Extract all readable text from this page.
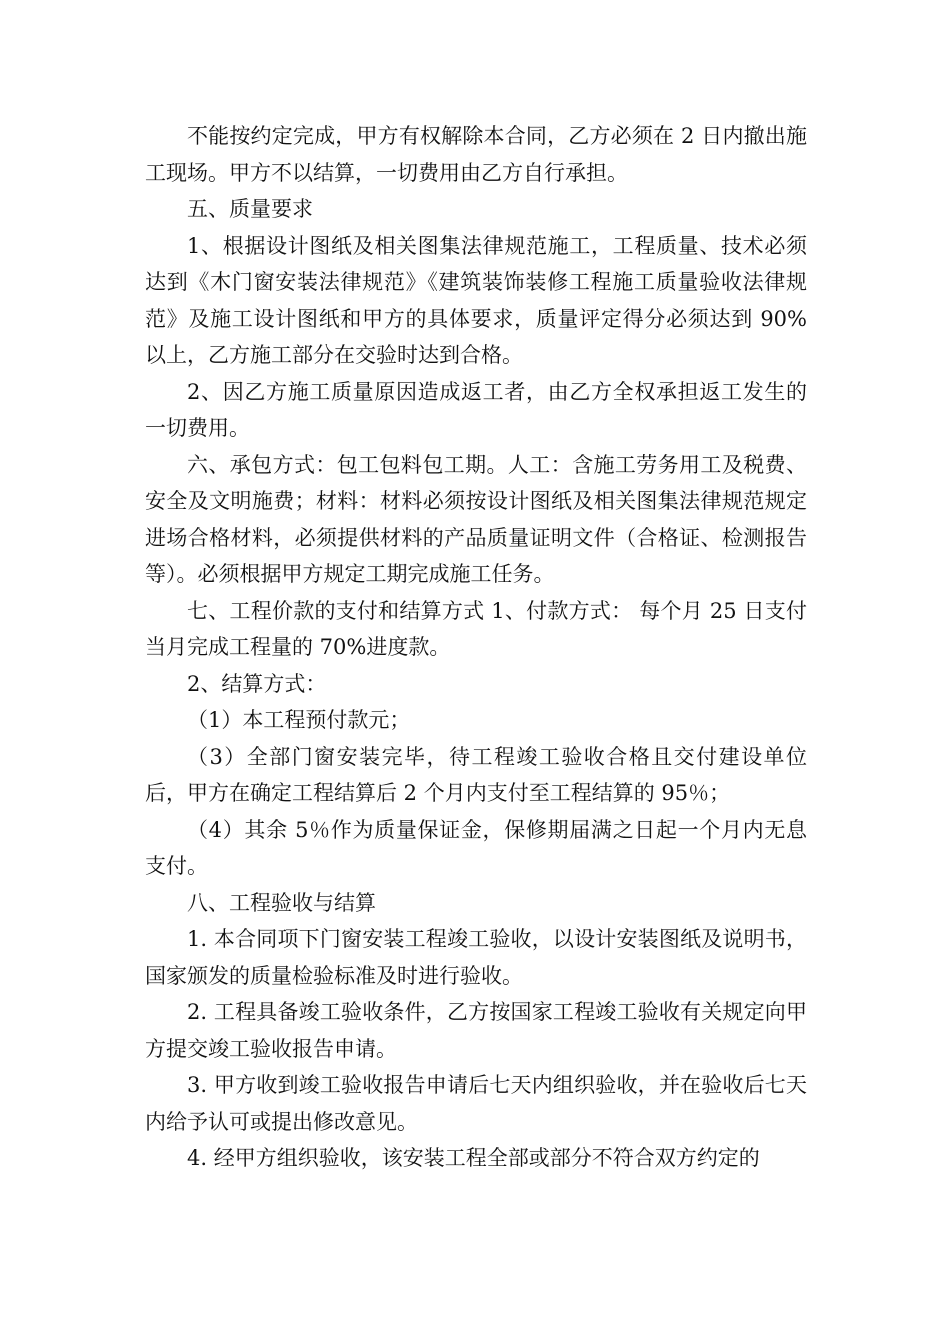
不能按约定完成，甲方有权解除本合同，乙方必须在 2 日内撤出施工现场。甲方不以结算，一切费用由乙方自行承担。

五、质量要求

1、根据设计图纸及相关图集法律规范施工，工程质量、技术必须达到《木门窗安装法律规范》《建筑装饰装修工程施工质量验收法律规范》及施工设计图纸和甲方的具体要求，质量评定得分必须达到 90%以上，乙方施工部分在交验时达到合格。

2、因乙方施工质量原因造成返工者，由乙方全权承担返工发生的一切费用。

六、承包方式：包工包料包工期。人工：含施工劳务用工及税费、安全及文明施费；材料：材料必须按设计图纸及相关图集法律规范规定进场合格材料，必须提供材料的产品质量证明文件（合格证、检测报告等）。必须根据甲方规定工期完成施工任务。

七、工程价款的支付和结算方式 1、付款方式： 每个月 25 日支付当月完成工程量的 70%进度款。

2、结算方式：

（1）本工程预付款元；

（3）全部门窗安装完毕，待工程竣工验收合格且交付建设单位后，甲方在确定工程结算后 2 个月内支付至工程结算的 95％；

（4）其余 5％作为质量保证金，保修期届满之日起一个月内无息支付。

八、工程验收与结算

1. 本合同项下门窗安装工程竣工验收，以设计安装图纸及说明书，国家颁发的质量检验标准及时进行验收。

2. 工程具备竣工验收条件，乙方按国家工程竣工验收有关规定向甲方提交竣工验收报告申请。

3. 甲方收到竣工验收报告申请后七天内组织验收，并在验收后七天内给予认可或提出修改意见。

4. 经甲方组织验收，该安装工程全部或部分不符合双方约定的
